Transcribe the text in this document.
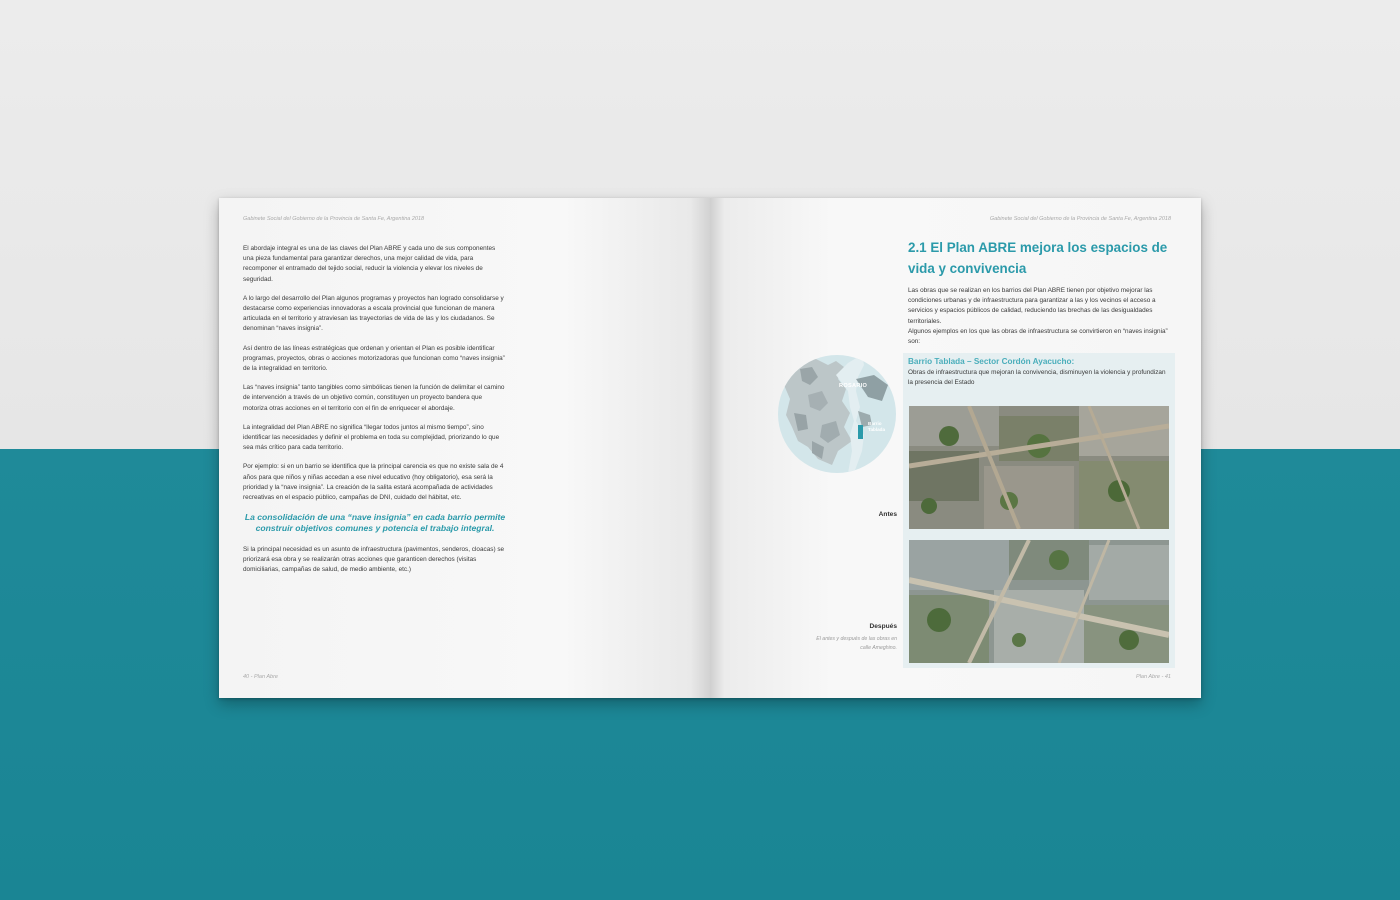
Gabinete Social del Gobierno de la Provincia de Santa Fe, Argentina 2018

El abordaje integral es una de las claves del Plan ABRE y cada uno de sus componentes una pieza fundamental para garantizar derechos, una mejor calidad de vida, para recomponer el entramado del tejido social, reducir la violencia y elevar los niveles de seguridad.

A lo largo del desarrollo del Plan algunos programas y proyectos han logrado consolidarse y destacarse como experiencias innovadoras a escala provincial que funcionan de manera articulada en el territorio y atraviesan las trayectorias de vida de las y los ciudadanos. Se denominan “naves insignia”.

Así dentro de las líneas estratégicas que ordenan y orientan el Plan es posible identificar programas, proyectos, obras o acciones motorizadoras que funcionan como “naves insignia” de la integralidad en territorio.

Las “naves insignia” tanto tangibles como simbólicas tienen la función de delimitar el camino de intervención a través de un objetivo común, constituyen un proyecto bandera que motoriza otras acciones en el territorio con el fin de enriquecer el abordaje.

La integralidad del Plan ABRE no significa “llegar todos juntos al mismo tiempo”, sino identificar las necesidades y definir el problema en toda su complejidad, priorizando lo que sea más crítico para cada territorio.

Por ejemplo: si en un barrio se identifica que la principal carencia es que no existe sala de 4 años para que niños y niñas accedan a ese nivel educativo (hoy obligatorio), esa será la prioridad y la “nave insignia”. La creación de la salita estará acompañada de actividades recreativas en el espacio público, campañas de DNI, cuidado del hábitat, etc.

La consolidación de una “nave insignia” en cada barrio permite construir objetivos comunes y potencia el trabajo integral.

Si la principal necesidad es un asunto de infraestructura (pavimentos, senderos, cloacas) se priorizará esa obra y se realizarán otras acciones que garanticen derechos (visitas domiciliarias, campañas de salud, de medio ambiente, etc.)

40 - Plan Abre
Gabinete Social del Gobierno de la Provincia de Santa Fe, Argentina 2018
2.1 El Plan ABRE mejora los espacios de vida y convivencia

Las obras que se realizan en los barrios del Plan ABRE tienen por objetivo mejorar las condiciones urbanas y de infraestructura para garantizar a las y los vecinos el acceso a servicios y espacios públicos de calidad, reduciendo las brechas de las desigualdades territoriales.

Algunos ejemplos en los que las obras de infraestructura se convirtieron en “naves insignia” son:

ROSARIO
Barrio Tablada
Barrio Tablada – Sector Cordón Ayacucho:
Obras de infraestructura que mejoran la convivencia, disminuyen la violencia y profundizan la presencia del Estado
Antes
Después
El antes y después de las obras en calle Ameghino.
Plan Abre - 41
